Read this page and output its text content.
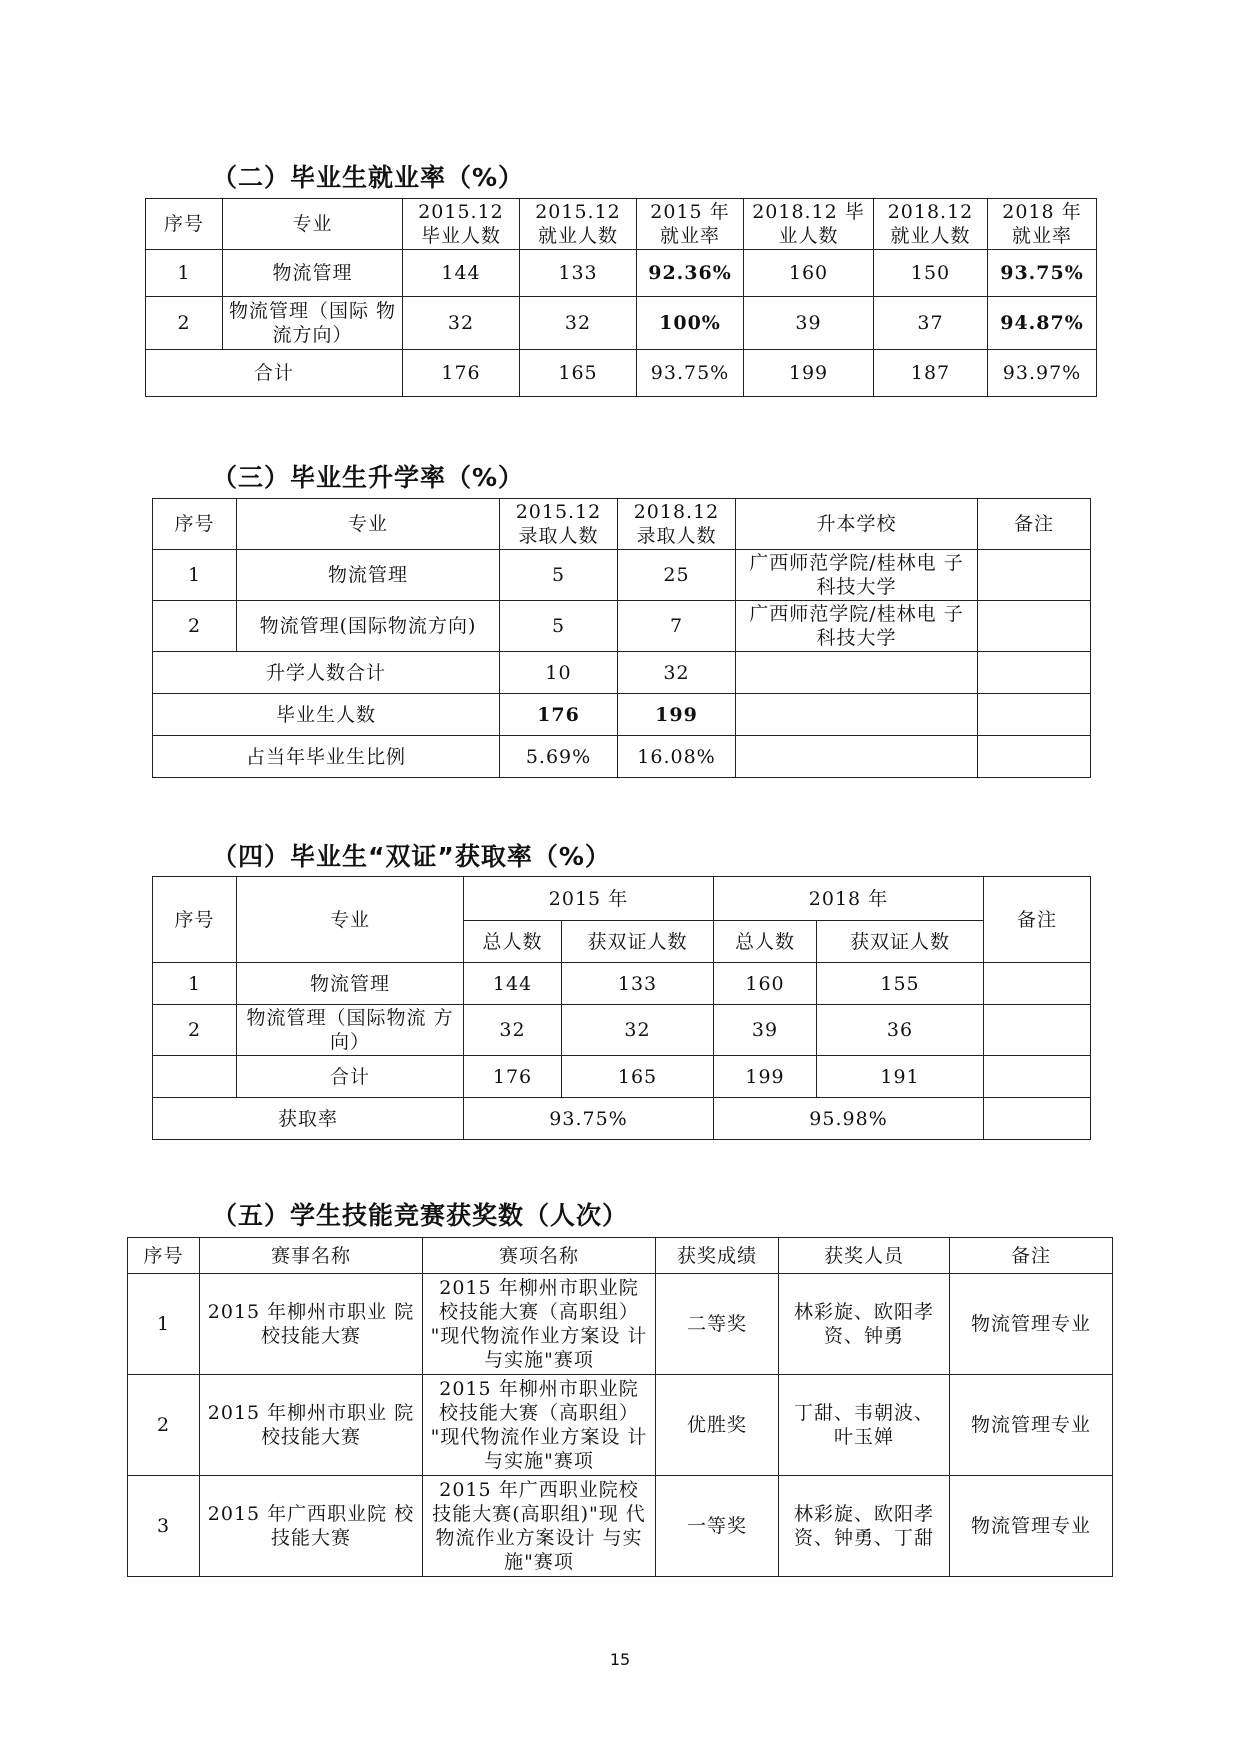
（二）毕业生就业率（%）
序号	专业	2015.12 毕业人数	2015.12 就业人数	2015 年 就业率	2018.12 毕 业人数	2018.12 就业人数	2018 年 就业率
1	物流管理	144	133	92.36%	160	150	93.75%
2	物流管理（国际 物流方向）	32	32	100%	39	37	94.87%
合计		176	165	93.75%	199	187	93.97%
（三）毕业生升学率（%）
序号	专业	2015.12 录取人数	2018.12 录取人数	升本学校	备注
1	物流管理	5	25	广西师范学院/桂林电 子科技大学	
2	物流管理(国际物流方向)	5	7	广西师范学院/桂林电 子科技大学	
升学人数合计		10	32		
毕业生人数		176	199		
占当年毕业生比例		5.69%	16.08%		
（四）毕业生“双证”获取率（%）
序号	专业	2015 年		2018 年		备注
		总人数	获双证人数	总人数	获双证人数	
1	物流管理	144	133	160	155	
2	物流管理（国际物流 方向）	32	32	39	36	
	合计	176	165	199	191	
获取率		93.75%		95.98%		
（五）学生技能竞赛获奖数（人次）
序号	赛事名称	赛项名称	获奖成绩	获奖人员	备注
1	2015 年柳州市职业 院校技能大赛	2015 年柳州市职业院 校技能大赛（高职组） "现代物流作业方案设 计与实施"赛项	二等奖	林彩旋、欧阳孝 资、钟勇	物流管理专业
2	2015 年柳州市职业 院校技能大赛	2015 年柳州市职业院 校技能大赛（高职组） "现代物流作业方案设 计与实施"赛项	优胜奖	丁甜、韦朝波、 叶玉婵	物流管理专业
3	2015 年广西职业院 校技能大赛	2015 年广西职业院校 技能大赛(高职组)"现 代物流作业方案设计 与实施"赛项	一等奖	林彩旋、欧阳孝 资、钟勇、丁甜	物流管理专业
15
